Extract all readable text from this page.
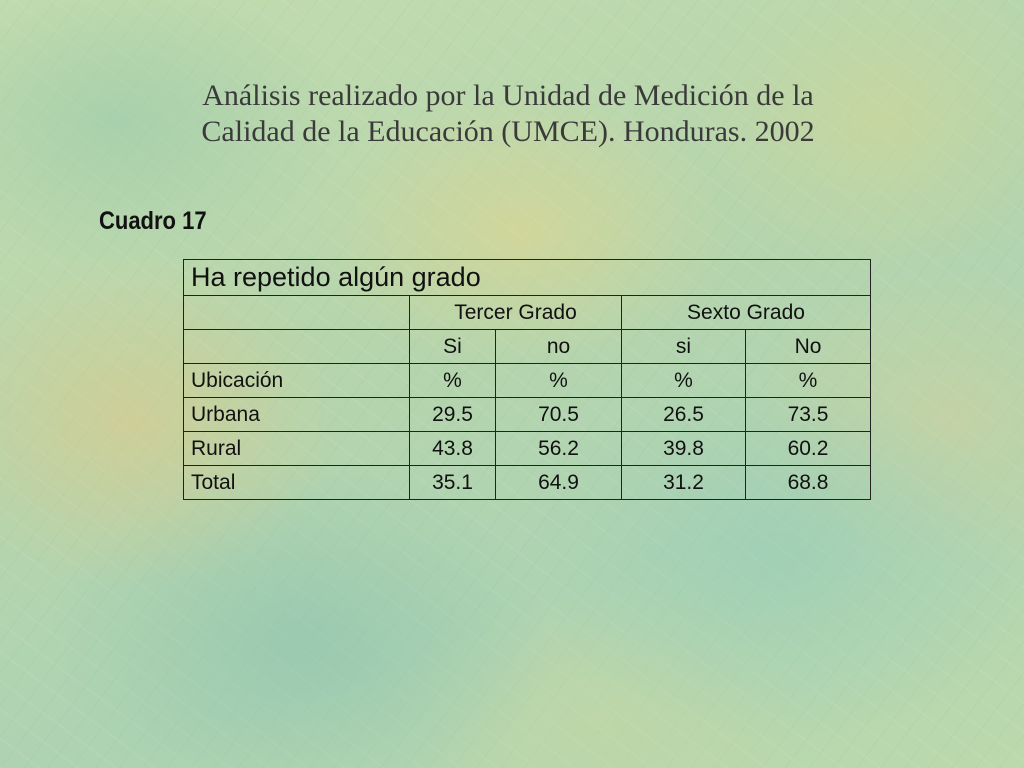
Análisis realizado por la Unidad de Medición de la
Calidad de la Educación (UMCE). Honduras. 2002
Cuadro 17
Ha repetido algún grado				
	Tercer Grado		Sexto Grado	
	Si	no	si	No
Ubicación	%	%	%	%
Urbana	29.5	70.5	26.5	73.5
Rural	43.8	56.2	39.8	60.2
Total	35.1	64.9	31.2	68.8
